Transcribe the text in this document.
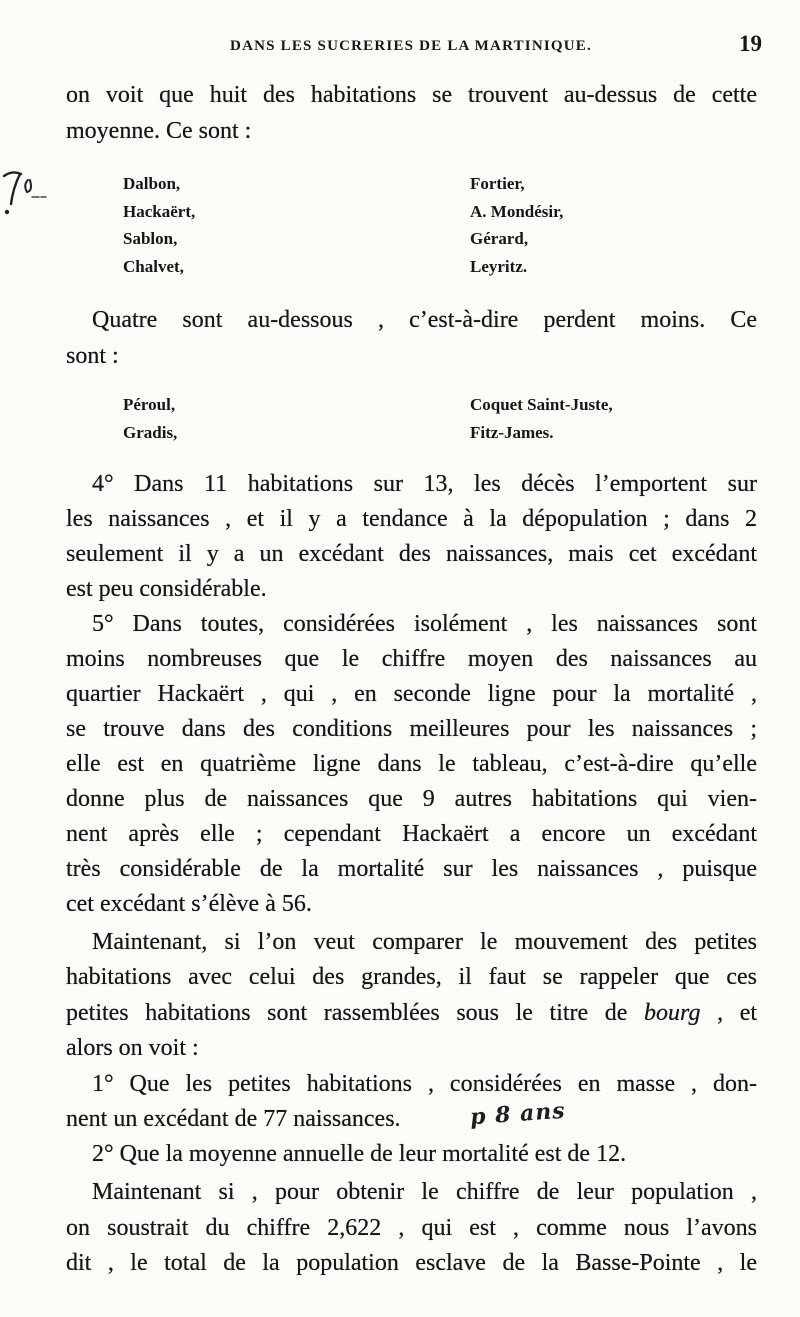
DANS LES SUCRERIES DE LA MARTINIQUE.	19
on voit que huit des habitations se trouvent au-dessus de cette
moyenne. Ce sont :
Dalbon,	Fortier,
Hackaërt,	A. Mondésir,
Sablon,	Gérard,
Chalvet,	Leyritz.
Quatre sont au-dessous , c’est-à-dire perdent moins. Ce
sont :
Péroul,	Coquet Saint-Juste,
Gradis,	Fitz-James.
4° Dans 11 habitations sur 13, les décès l’emportent sur
les naissances , et il y a tendance à la dépopulation ; dans 2
seulement il y a un excédant des naissances, mais cet excédant
est peu considérable.
5° Dans toutes, considérées isolément , les naissances sont
moins nombreuses que le chiffre moyen des naissances au
quartier Hackaërt , qui , en seconde ligne pour la mortalité ,
se trouve dans des conditions meilleures pour les naissances ;
elle est en quatrième ligne dans le tableau, c’est-à-dire qu’elle
donne plus de naissances que 9 autres habitations qui vien-
nent après elle ; cependant Hackaërt a encore un excédant
très considérable de la mortalité sur les naissances , puisque
cet excédant s’élève à 56.
Maintenant, si l’on veut comparer le mouvement des petites
habitations avec celui des grandes, il faut se rappeler que ces
petites habitations sont rassemblées sous le titre de bourg , et
alors on voit :
1° Que les petites habitations , considérées en masse , don-
nent un excédant de 77 naissances.	p 8 ans
2° Que la moyenne annuelle de leur mortalité est de 12.
Maintenant si , pour obtenir le chiffre de leur population ,
on soustrait du chiffre 2,622 , qui est , comme nous l’avons
dit , le total de la population esclave de la Basse-Pointe , le
